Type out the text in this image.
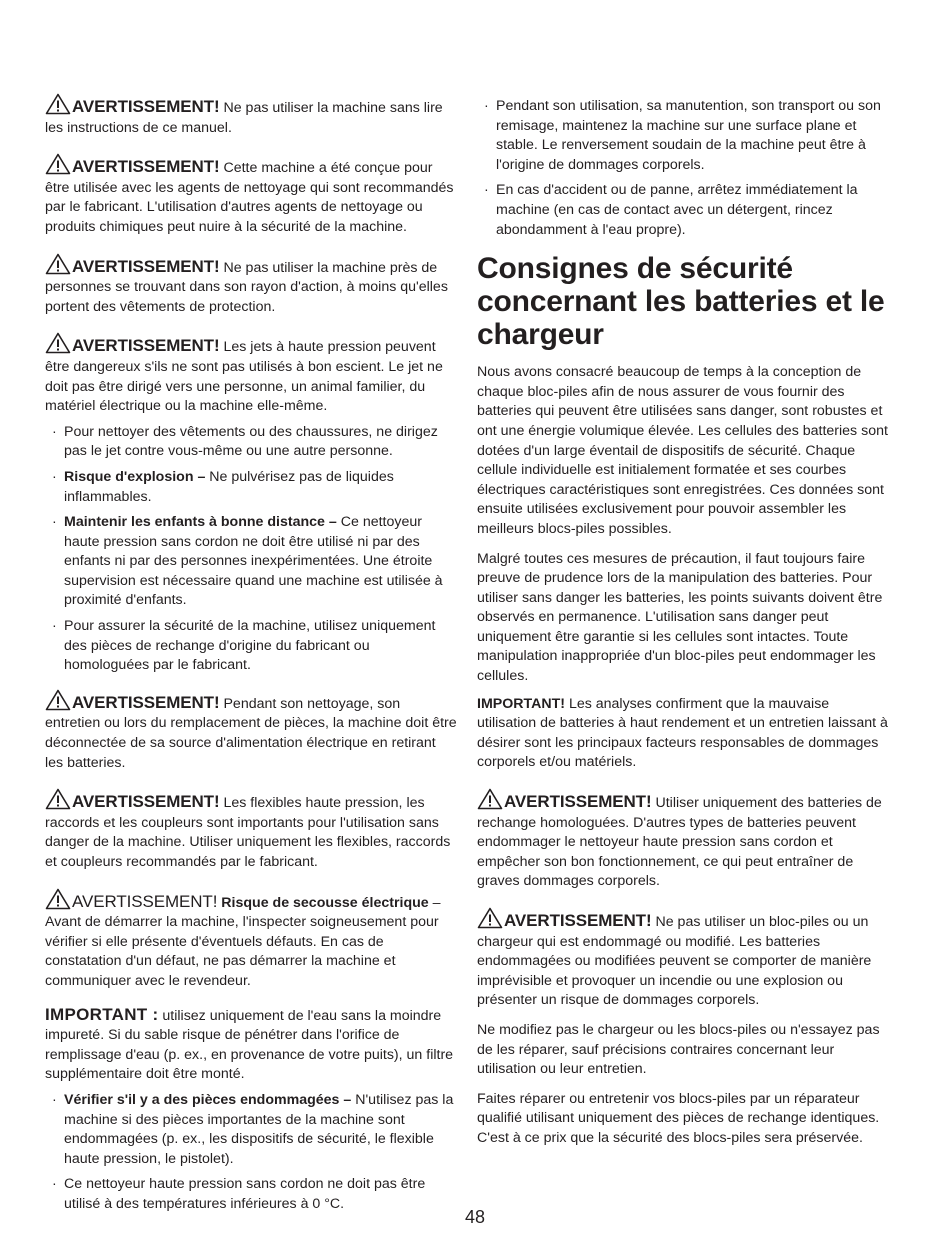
AVERTISSEMENT! Ne pas utiliser la machine sans lire les instructions de ce manuel.

AVERTISSEMENT! Cette machine a été conçue pour être utilisée avec les agents de nettoyage qui sont recommandés par le fabricant. L'utilisation d'autres agents de nettoyage ou produits chimiques peut nuire à la sécurité de la machine.

AVERTISSEMENT! Ne pas utiliser la machine près de personnes se trouvant dans son rayon d'action, à moins qu'elles portent des vêtements de protection.

AVERTISSEMENT! Les jets à haute pression peuvent être dangereux s'ils ne sont pas utilisés à bon escient. Le jet ne doit pas être dirigé vers une personne, un animal familier, du matériel électrique ou la machine elle-même.

· Pour nettoyer des vêtements ou des chaussures, ne dirigez pas le jet contre vous-même ou une autre personne.

· Risque d'explosion – Ne pulvérisez pas de liquides inflammables.

· Maintenir les enfants à bonne distance – Ce nettoyeur haute pression sans cordon ne doit être utilisé ni par des enfants ni par des personnes inexpérimentées. Une étroite supervision est nécessaire quand une machine est utilisée à proximité d'enfants.

· Pour assurer la sécurité de la machine, utilisez uniquement des pièces de rechange d'origine du fabricant ou homologuées par le fabricant.

AVERTISSEMENT! Pendant son nettoyage, son entretien ou lors du remplacement de pièces, la machine doit être déconnectée de sa source d'alimentation électrique en retirant les batteries.

AVERTISSEMENT! Les flexibles haute pression, les raccords et les coupleurs sont importants pour l'utilisation sans danger de la machine. Utiliser uniquement les flexibles, raccords et coupleurs recommandés par le fabricant.

AVERTISSEMENT! Risque de secousse électrique – Avant de démarrer la machine, l'inspecter soigneusement pour vérifier si elle présente d'éventuels défauts. En cas de constatation d'un défaut, ne pas démarrer la machine et communiquer avec le revendeur.

IMPORTANT : utilisez uniquement de l'eau sans la moindre impureté. Si du sable risque de pénétrer dans l'orifice de remplissage d'eau (p. ex., en provenance de votre puits), un filtre supplémentaire doit être monté.

· Vérifier s'il y a des pièces endommagées – N'utilisez pas la machine si des pièces importantes de la machine sont endommagées (p. ex., les dispositifs de sécurité, le flexible haute pression, le pistolet).

· Ce nettoyeur haute pression sans cordon ne doit pas être utilisé à des températures inférieures à 0 °C.

· Pendant son utilisation, sa manutention, son transport ou son remisage, maintenez la machine sur une surface plane et stable. Le renversement soudain de la machine peut être à l'origine de dommages corporels.

· En cas d'accident ou de panne, arrêtez immédiatement la machine (en cas de contact avec un détergent, rincez abondamment à l'eau propre).

Consignes de sécurité concernant les batteries et le chargeur

Nous avons consacré beaucoup de temps à la conception de chaque bloc-piles afin de nous assurer de vous fournir des batteries qui peuvent être utilisées sans danger, sont robustes et ont une énergie volumique élevée. Les cellules des batteries sont dotées d'un large éventail de dispositifs de sécurité. Chaque cellule individuelle est initialement formatée et ses courbes électriques caractéristiques sont enregistrées. Ces données sont ensuite utilisées exclusivement pour pouvoir assembler les meilleurs blocs-piles possibles.

Malgré toutes ces mesures de précaution, il faut toujours faire preuve de prudence lors de la manipulation des batteries. Pour utiliser sans danger les batteries, les points suivants doivent être observés en permanence. L'utilisation sans danger peut uniquement être garantie si les cellules sont intactes. Toute manipulation inappropriée d'un bloc-piles peut endommager les cellules.

IMPORTANT! Les analyses confirment que la mauvaise utilisation de batteries à haut rendement et un entretien laissant à désirer sont les principaux facteurs responsables de dommages corporels et/ou matériels.

AVERTISSEMENT! Utiliser uniquement des batteries de rechange homologuées. D'autres types de batteries peuvent endommager le nettoyeur haute pression sans cordon et empêcher son bon fonctionnement, ce qui peut entraîner de graves dommages corporels.

AVERTISSEMENT! Ne pas utiliser un bloc-piles ou un chargeur qui est endommagé ou modifié. Les batteries endommagées ou modifiées peuvent se comporter de manière imprévisible et provoquer un incendie ou une explosion ou présenter un risque de dommages corporels.

Ne modifiez pas le chargeur ou les blocs-piles ou n'essayez pas de les réparer, sauf précisions contraires concernant leur utilisation ou leur entretien.

Faites réparer ou entretenir vos blocs-piles par un réparateur qualifié utilisant uniquement des pièces de rechange identiques. C'est à ce prix que la sécurité des blocs-piles sera préservée.

48
